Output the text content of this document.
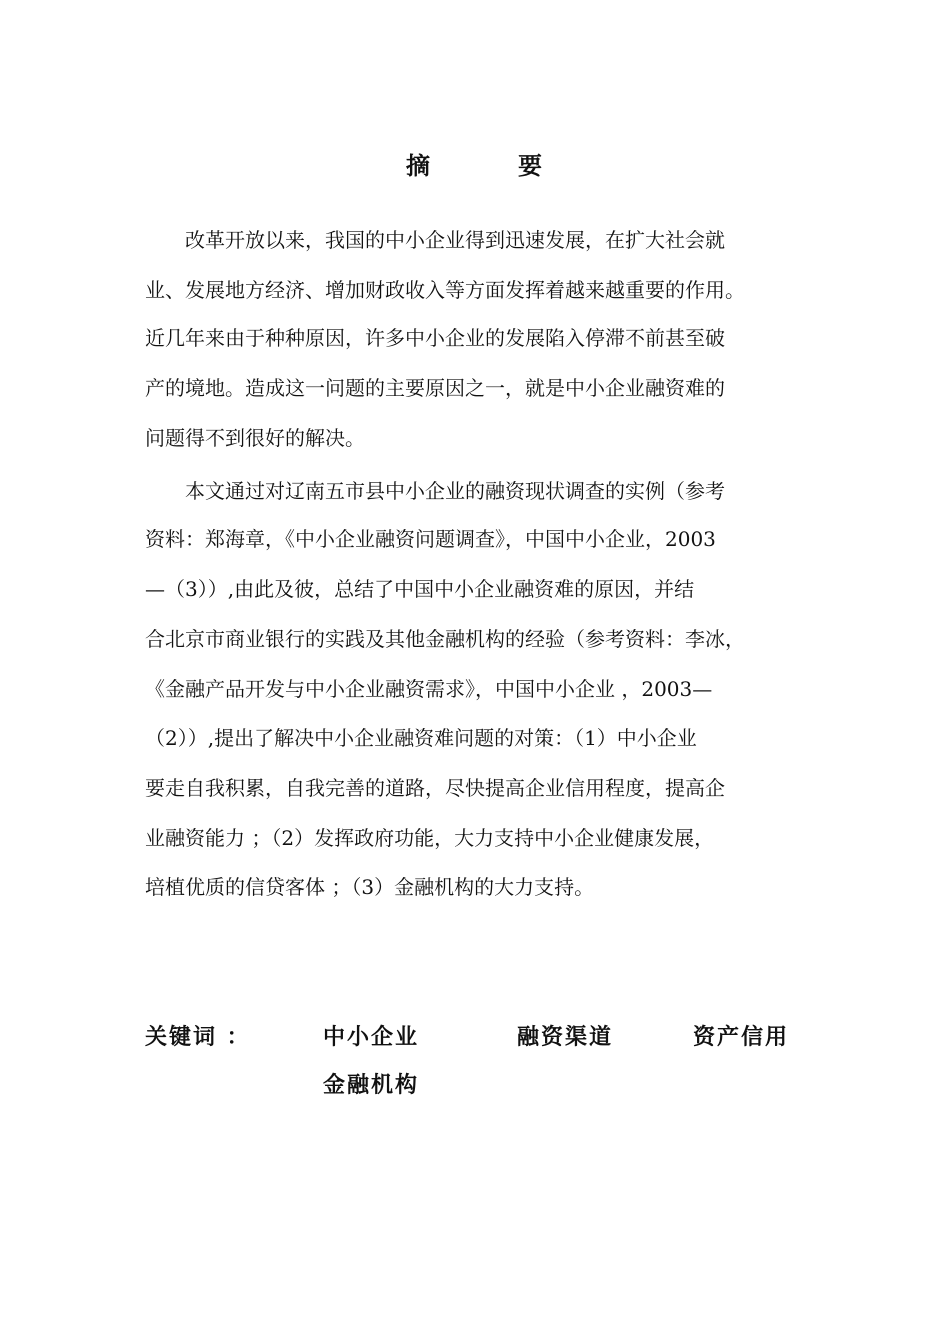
摘	要
　　改革开放以来，我国的中小企业得到迅速发展，在扩大社会就
业、发展地方经济、增加财政收入等方面发挥着越来越重要的作用。
近几年来由于种种原因，许多中小企业的发展陷入停滞不前甚至破
产的境地。造成这一问题的主要原因之一，就是中小企业融资难的
问题得不到很好的解决。
　　本文通过对辽南五市县中小企业的融资现状调查的实例（参考
资料：郑海章，《中小企业融资问题调查》，中国中小企业，2003
—（3））,由此及彼，总结了中国中小企业融资难的原因，并结
合北京市商业银行的实践及其他金融机构的经验（参考资料：李冰，
《金融产品开发与中小企业融资需求》，中国中小企业 ，2003—
（2））,提出了解决中小企业融资难问题的对策：（1）中小企业
要走自我积累，自我完善的道路，尽快提高企业信用程度，提高企
业融资能力 ；（2）发挥政府功能，大力支持中小企业健康发展，
培植优质的信贷客体 ；（3）金融机构的大力支持。
关键词 ：	中小企业	融资渠道	资产信用
金融机构
